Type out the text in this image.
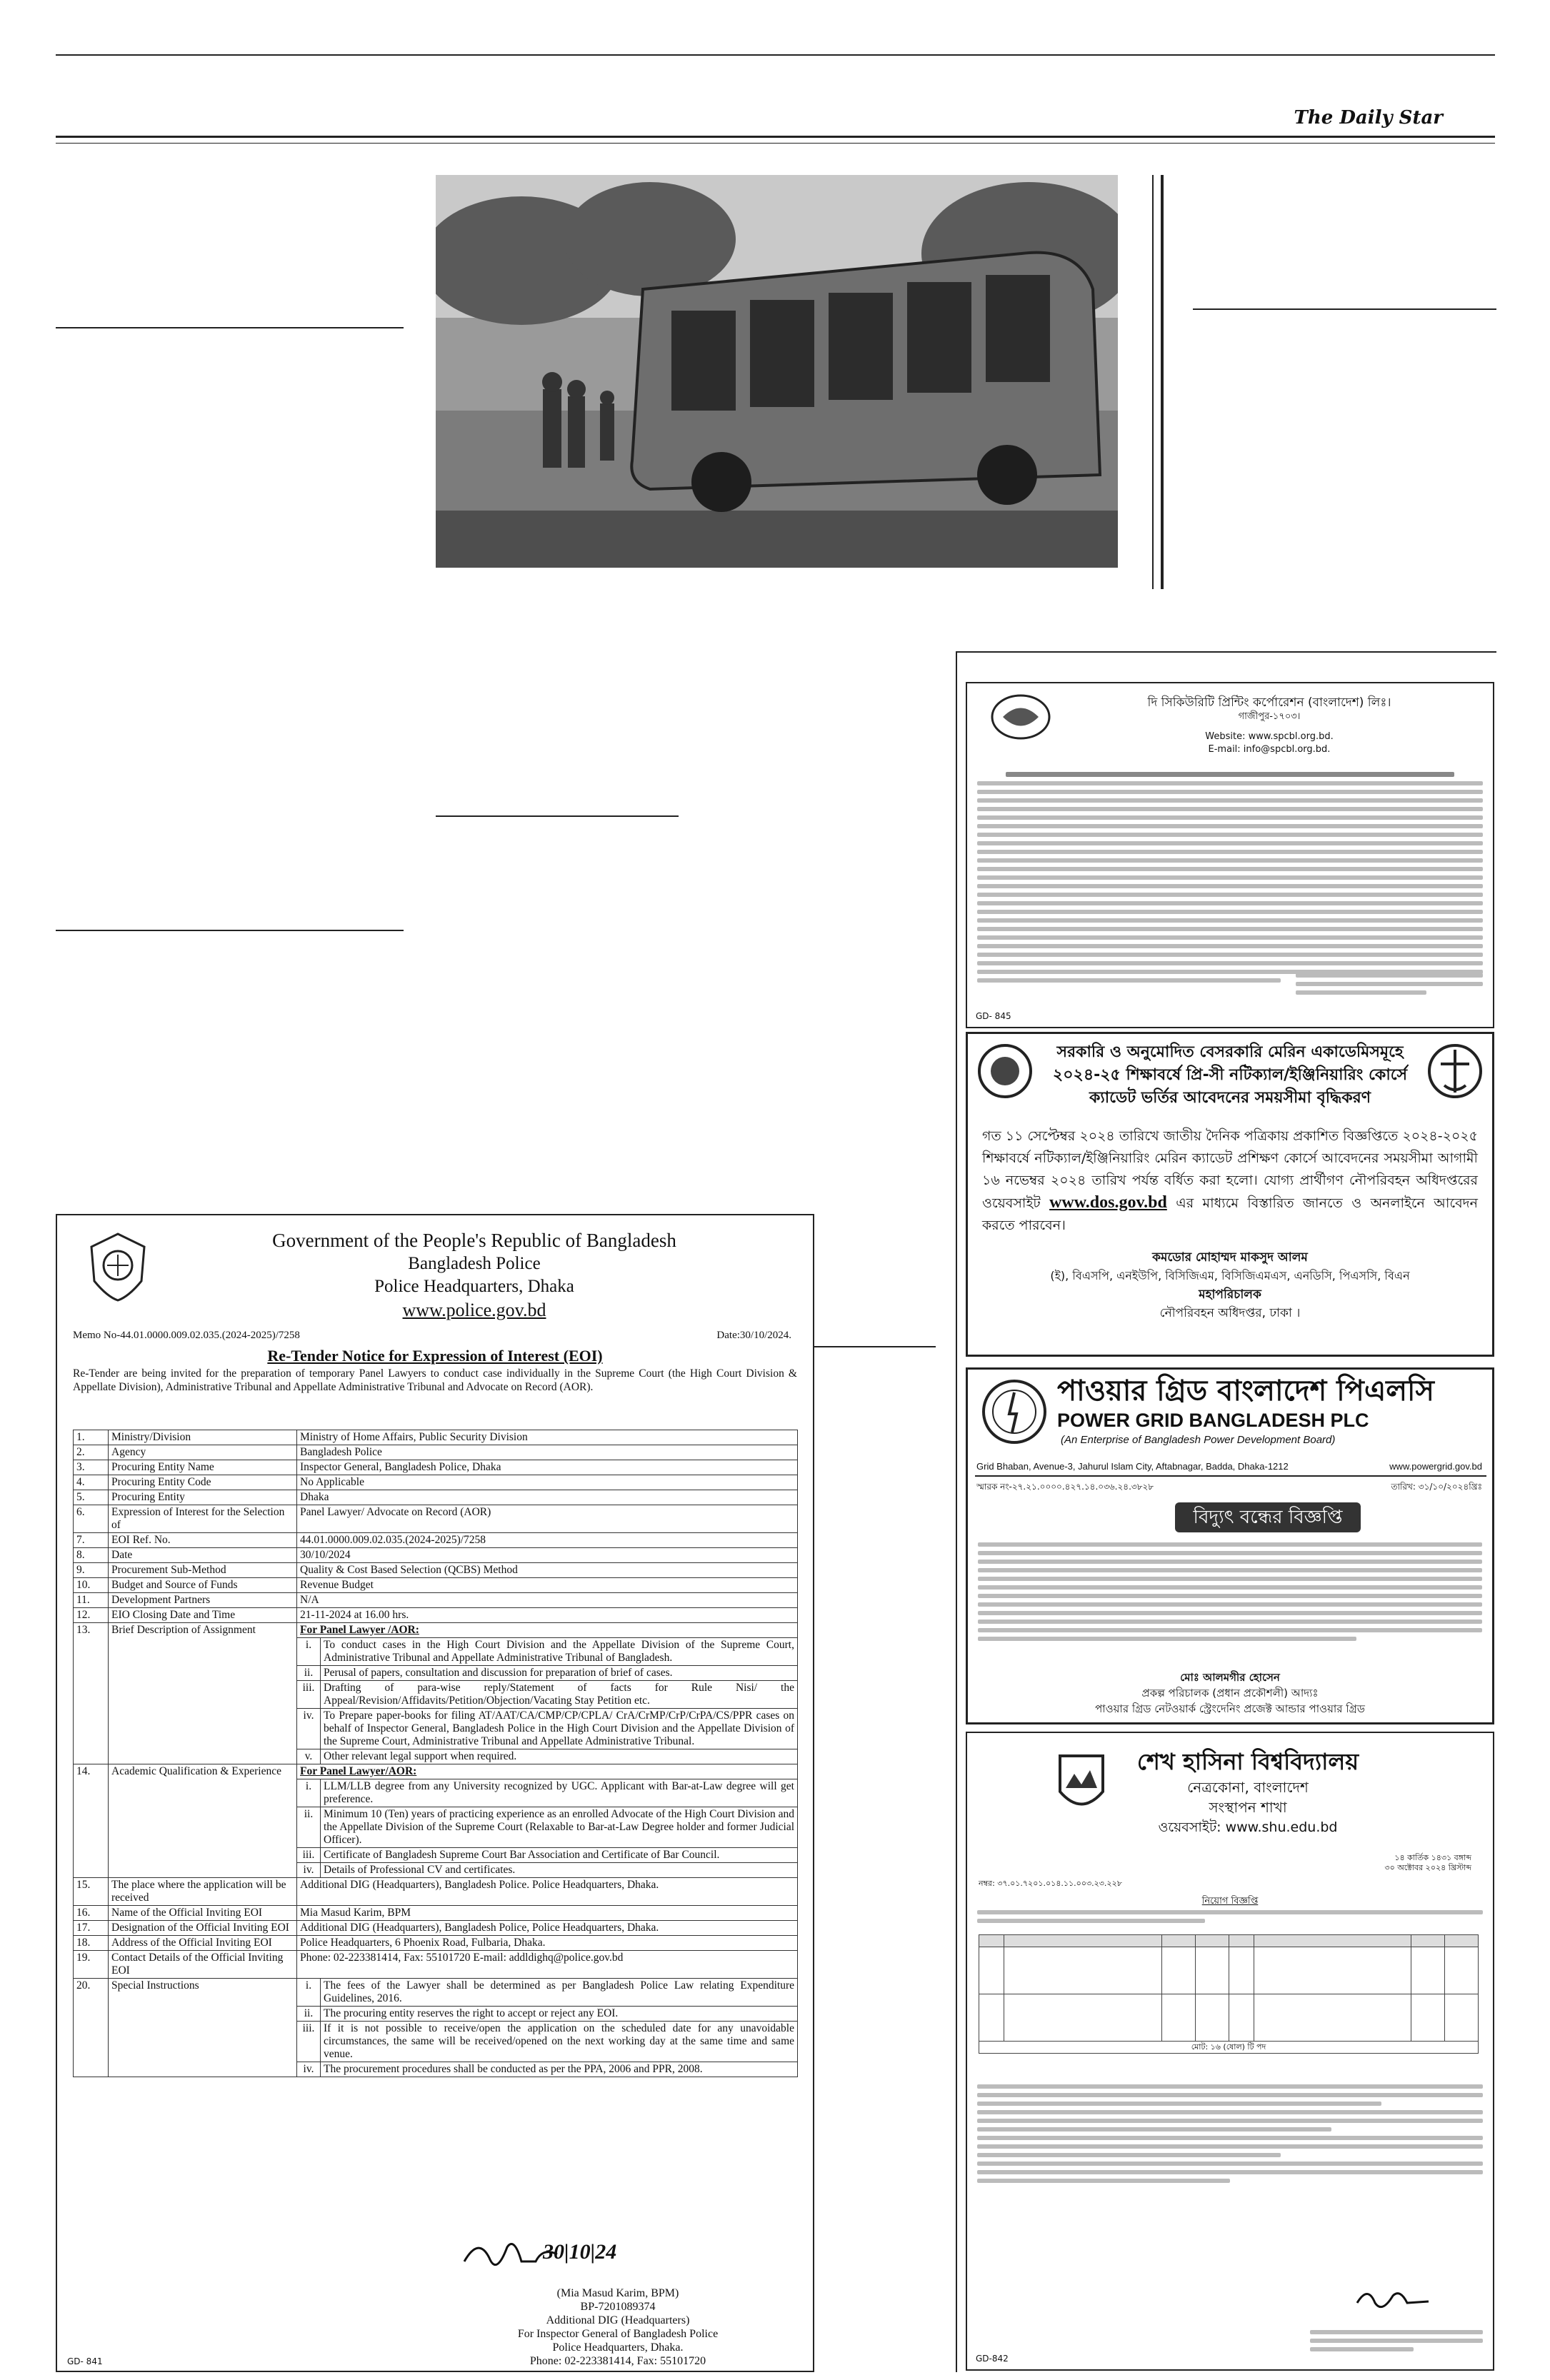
The Daily Star
Government of the People's Republic of Bangladesh
Bangladesh Police
Police Headquarters, Dhaka
www.police.gov.bd
Memo No-44.01.0000.009.02.035.(2024-2025)/7258	Date:30/10/2024.
Re-Tender Notice for Expression of Interest (EOI)
Re-Tender are being invited for the preparation of temporary Panel Lawyers to conduct case individually in the Supreme Court (the High Court Division & Appellate Division), Administrative Tribunal and Appellate Administrative Tribunal and Advocate on Record (AOR).
1.	Ministry/Division	Ministry of Home Affairs, Public Security Division	
2.	Agency	Bangladesh Police	
3.	Procuring Entity Name	Inspector General, Bangladesh Police, Dhaka	
4.	Procuring Entity Code	No Applicable	
5.	Procuring Entity	Dhaka	
6.	Expression of Interest for the Selection of	Panel Lawyer/ Advocate on Record (AOR)	
7.	EOI Ref. No.	44.01.0000.009.02.035.(2024-2025)/7258	
8.	Date	30/10/2024	
9.	Procurement Sub-Method	Quality & Cost Based Selection (QCBS) Method	
10.	Budget and Source of Funds	Revenue Budget	
11.	Development Partners	N/A	
12.	EIO Closing Date and Time	21-11-2024 at 16.00 hrs.	
13.	Brief Description of Assignment	For Panel Lawyer /AOR:	
		i.	To conduct cases in the High Court Division and the Appellate Division of the Supreme Court, Administrative Tribunal and Appellate Administrative Tribunal of Bangladesh.
		ii.	Perusal of papers, consultation and discussion for preparation of brief of cases.
		iii.	Drafting of para-wise reply/Statement of facts for Rule Nisi/ the Appeal/Revision/Affidavits/Petition/Objection/Vacating Stay Petition etc.
		iv.	To Prepare paper-books for filing AT/AAT/CA/CMP/CP/CPLA/ CrA/CrMP/CrP/CrPA/CS/PPR cases on behalf of Inspector General, Bangladesh Police in the High Court Division and the Appellate Division of the Supreme Court, Administrative Tribunal and Appellate Administrative Tribunal.
		v.	Other relevant legal support when required.
14.	Academic Qualification & Experience	For Panel Lawyer/AOR:	
		i.	LLM/LLB degree from any University recognized by UGC. Applicant with Bar-at-Law degree will get preference.
		ii.	Minimum 10 (Ten) years of practicing experience as an enrolled Advocate of the High Court Division and the Appellate Division of the Supreme Court (Relaxable to Bar-at-Law Degree holder and former Judicial Officer).
		iii.	Certificate of Bangladesh Supreme Court Bar Association and Certificate of Bar Council.
		iv.	Details of Professional CV and certificates.
15.	The place where the application will be received	Additional DIG (Headquarters), Bangladesh Police. Police Headquarters, Dhaka.	
16.	Name of the Official Inviting EOI	Mia Masud Karim, BPM	
17.	Designation of the Official Inviting EOI	Additional DIG (Headquarters), Bangladesh Police, Police Headquarters, Dhaka.	
18.	Address of the Official Inviting EOI	Police Headquarters, 6 Phoenix Road, Fulbaria, Dhaka.	
19.	Contact Details of the Official Inviting EOI	Phone: 02-223381414, Fax: 55101720 E-mail: addldighq@police.gov.bd	
20.	Special Instructions	i.	The fees of the Lawyer shall be determined as per Bangladesh Police Law relating Expenditure Guidelines, 2016.
		ii.	The procuring entity reserves the right to accept or reject any EOI.
		iii.	If it is not possible to receive/open the application on the scheduled date for any unavoidable circumstances, the same will be received/opened on the next working day at the same time and same venue.
		iv.	The procurement procedures shall be conducted as per the PPA, 2006 and PPR, 2008.
30|10|24
(Mia Masud Karim, BPM)
BP-7201089374
Additional DIG (Headquarters)
For Inspector General of Bangladesh Police
Police Headquarters, Dhaka.
Phone: 02-223381414, Fax: 55101720
GD- 841
দি সিকিউরিটি প্রিন্টিং কর্পোরেশন (বাংলাদেশ) লিঃ।
গাজীপুর-১৭০৩।
Website: www.spcbl.org.bd.
E-mail: info@spcbl.org.bd.
GD- 845
সরকারি ও অনুমোদিত বেসরকারি মেরিন একাডেমিসমূহে
২০২৪-২৫ শিক্ষাবর্ষে প্রি-সী নটিক্যাল/ইঞ্জিনিয়ারিং কোর্সে
ক্যাডেট ভর্তির আবেদনের সময়সীমা বৃদ্ধিকরণ
গত ১১ সেপ্টেম্বর ২০২৪ তারিখে জাতীয় দৈনিক পত্রিকায় প্রকাশিত বিজ্ঞপ্তিতে ২০২৪-২০২৫ শিক্ষাবর্ষে নটিক্যাল/ইঞ্জিনিয়ারিং মেরিন ক্যাডেট প্রশিক্ষণ কোর্সে আবেদনের সময়সীমা আগামী ১৬ নভেম্বর ২০২৪ তারিখ পর্যন্ত বর্ধিত করা হলো। যোগ্য প্রার্থীগণ নৌপরিবহন অধিদপ্তরের ওয়েবসাইট www.dos.gov.bd এর মাধ্যমে বিস্তারিত জানতে ও অনলাইনে আবেদন করতে পারবেন।
কমডোর মোহাম্মদ মাকসুদ আলম
(ই), বিএসপি, এনইউপি, বিসিজিএম, বিসিজিএমএস, এনডিসি, পিএসসি, বিএন
মহাপরিচালক
নৌপরিবহন অধিদপ্তর, ঢাকা ।
পাওয়ার গ্রিড বাংলাদেশ পিএলসি
POWER GRID BANGLADESH PLC
(An Enterprise of Bangladesh Power Development Board)
Grid Bhaban, Avenue-3, Jahurul Islam City, Aftabnagar, Badda, Dhaka-1212	www.powergrid.gov.bd
স্মারক নং-২৭.২১.০০০০.৪২৭.১৪.০৩৬.২৪.৩৮২৮	তারিখ: ৩১/১০/২০২৪খ্রিঃ
বিদ্যুৎ বন্ধের বিজ্ঞপ্তি
মোঃ আলমগীর হোসেন
প্রকল্প পরিচালক (প্রধান প্রকৌশলী) আদ্যঃ
পাওয়ার গ্রিড নেটওয়ার্ক স্ট্রেংদেনিং প্রজেক্ট আন্ডার পাওয়ার গ্রিড
শেখ হাসিনা বিশ্ববিদ্যালয়
নেত্রকোনা, বাংলাদেশ
সংস্থাপন শাখা
ওয়েবসাইট: www.shu.edu.bd
১৪ কার্তিক ১৪৩১ বঙ্গাব্দ
৩০ অক্টোবর ২০২৪ খ্রিস্টাব্দ
নম্বর: ৩৭.০১.৭২০১.০১৪.১১.০০৩.২৩.২২৮
নিয়োগ বিজ্ঞপ্তি

মোট: ১৬ (ষোল) টি পদ							
GD-842
